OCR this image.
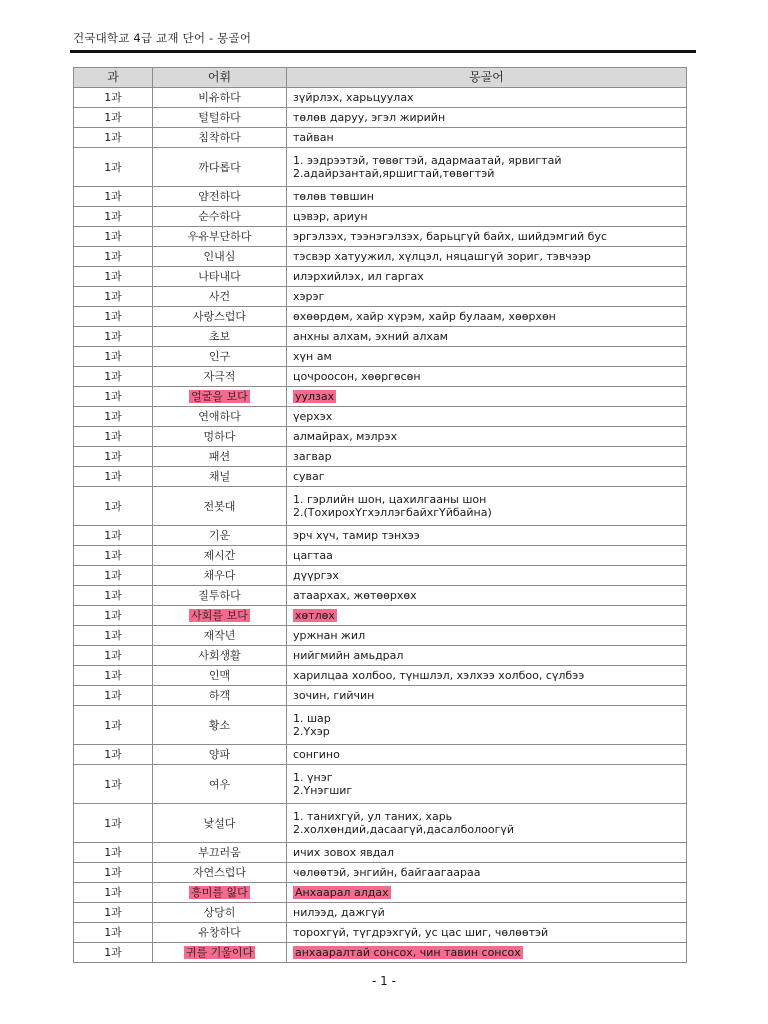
건국대학교 4급 교재 단어 - 몽골어
과	어휘	몽골어
1과	비유하다	зүйрлэх, харьцуулах

1과	털털하다	төлөв даруу, эгэл жирийн

1과	침착하다	тайван

1과	까다롭다	1. ээдрээтэй, төвөгтэй, адармаатай, ярвигтай
2.адайрзантай,яршигтай,төвөгтэй

1과	얌전하다	төлөв төвшин

1과	순수하다	цэвэр, ариун

1과	우유부단하다	эргэлзэх, тээнэгэлзэх, барьцгүй байх, шийдэмгий бус

1과	인내심	тэсвэр хатуужил, хүлцэл, няцашгүй зориг, тэвчээр

1과	나타내다	илэрхийлэх, ил гаргах

1과	사건	хэрэг

1과	사랑스럽다	өхөөрдөм, хайр хүрэм, хайр булаам, хөөрхөн

1과	초보	анхны алхам, эхний алхам

1과	인구	хүн ам

1과	자극적	цочроосон, хөөргөсөн

1과	얼굴을 보다	уулзах

1과	연애하다	үерхэх

1과	멍하다	алмайрах, мэлрэх

1과	패션	загвар

1과	채널	суваг

1과	전봇대	1. гэрлийн шон, цахилгааны шон
2.(ТохирохҮгхэллэгбайхгҮйбайна)

1과	기운	эрч хүч, тамир тэнхээ

1과	제시간	цагтаа

1과	채우다	дүүргэх

1과	질투하다	атаархах, жөтөөрхөх

1과	사회를 보다	хөтлөх

1과	재작년	уржнан жил

1과	사회생활	нийгмийн амьдрал

1과	인맥	харилцаа холбоо, түншлэл, хэлхээ холбоо, сүлбээ

1과	하객	зочин, гийчин

1과	황소	1. шар
2.Үхэр

1과	양파	сонгино

1과	여우	1. үнэг
2.Үнэгшиг

1과	낯설다	1. танихгүй, ул таних, харь
2.холхөндий,дасаагүй,дасалболоогүй

1과	부끄러움	ичих зовох явдал

1과	자연스럽다	чөлөөтэй, энгийн, байгаагаараа

1과	흥미를 잃다	Анхаарал алдах

1과	상당히	нилээд, дажгүй

1과	유창하다	торохгүй, түгдрэхгүй, ус цас шиг, чөлөөтэй

1과	귀를 기울이다	анхааралтай сонсох, чин тавин сонсох
- 1 -
